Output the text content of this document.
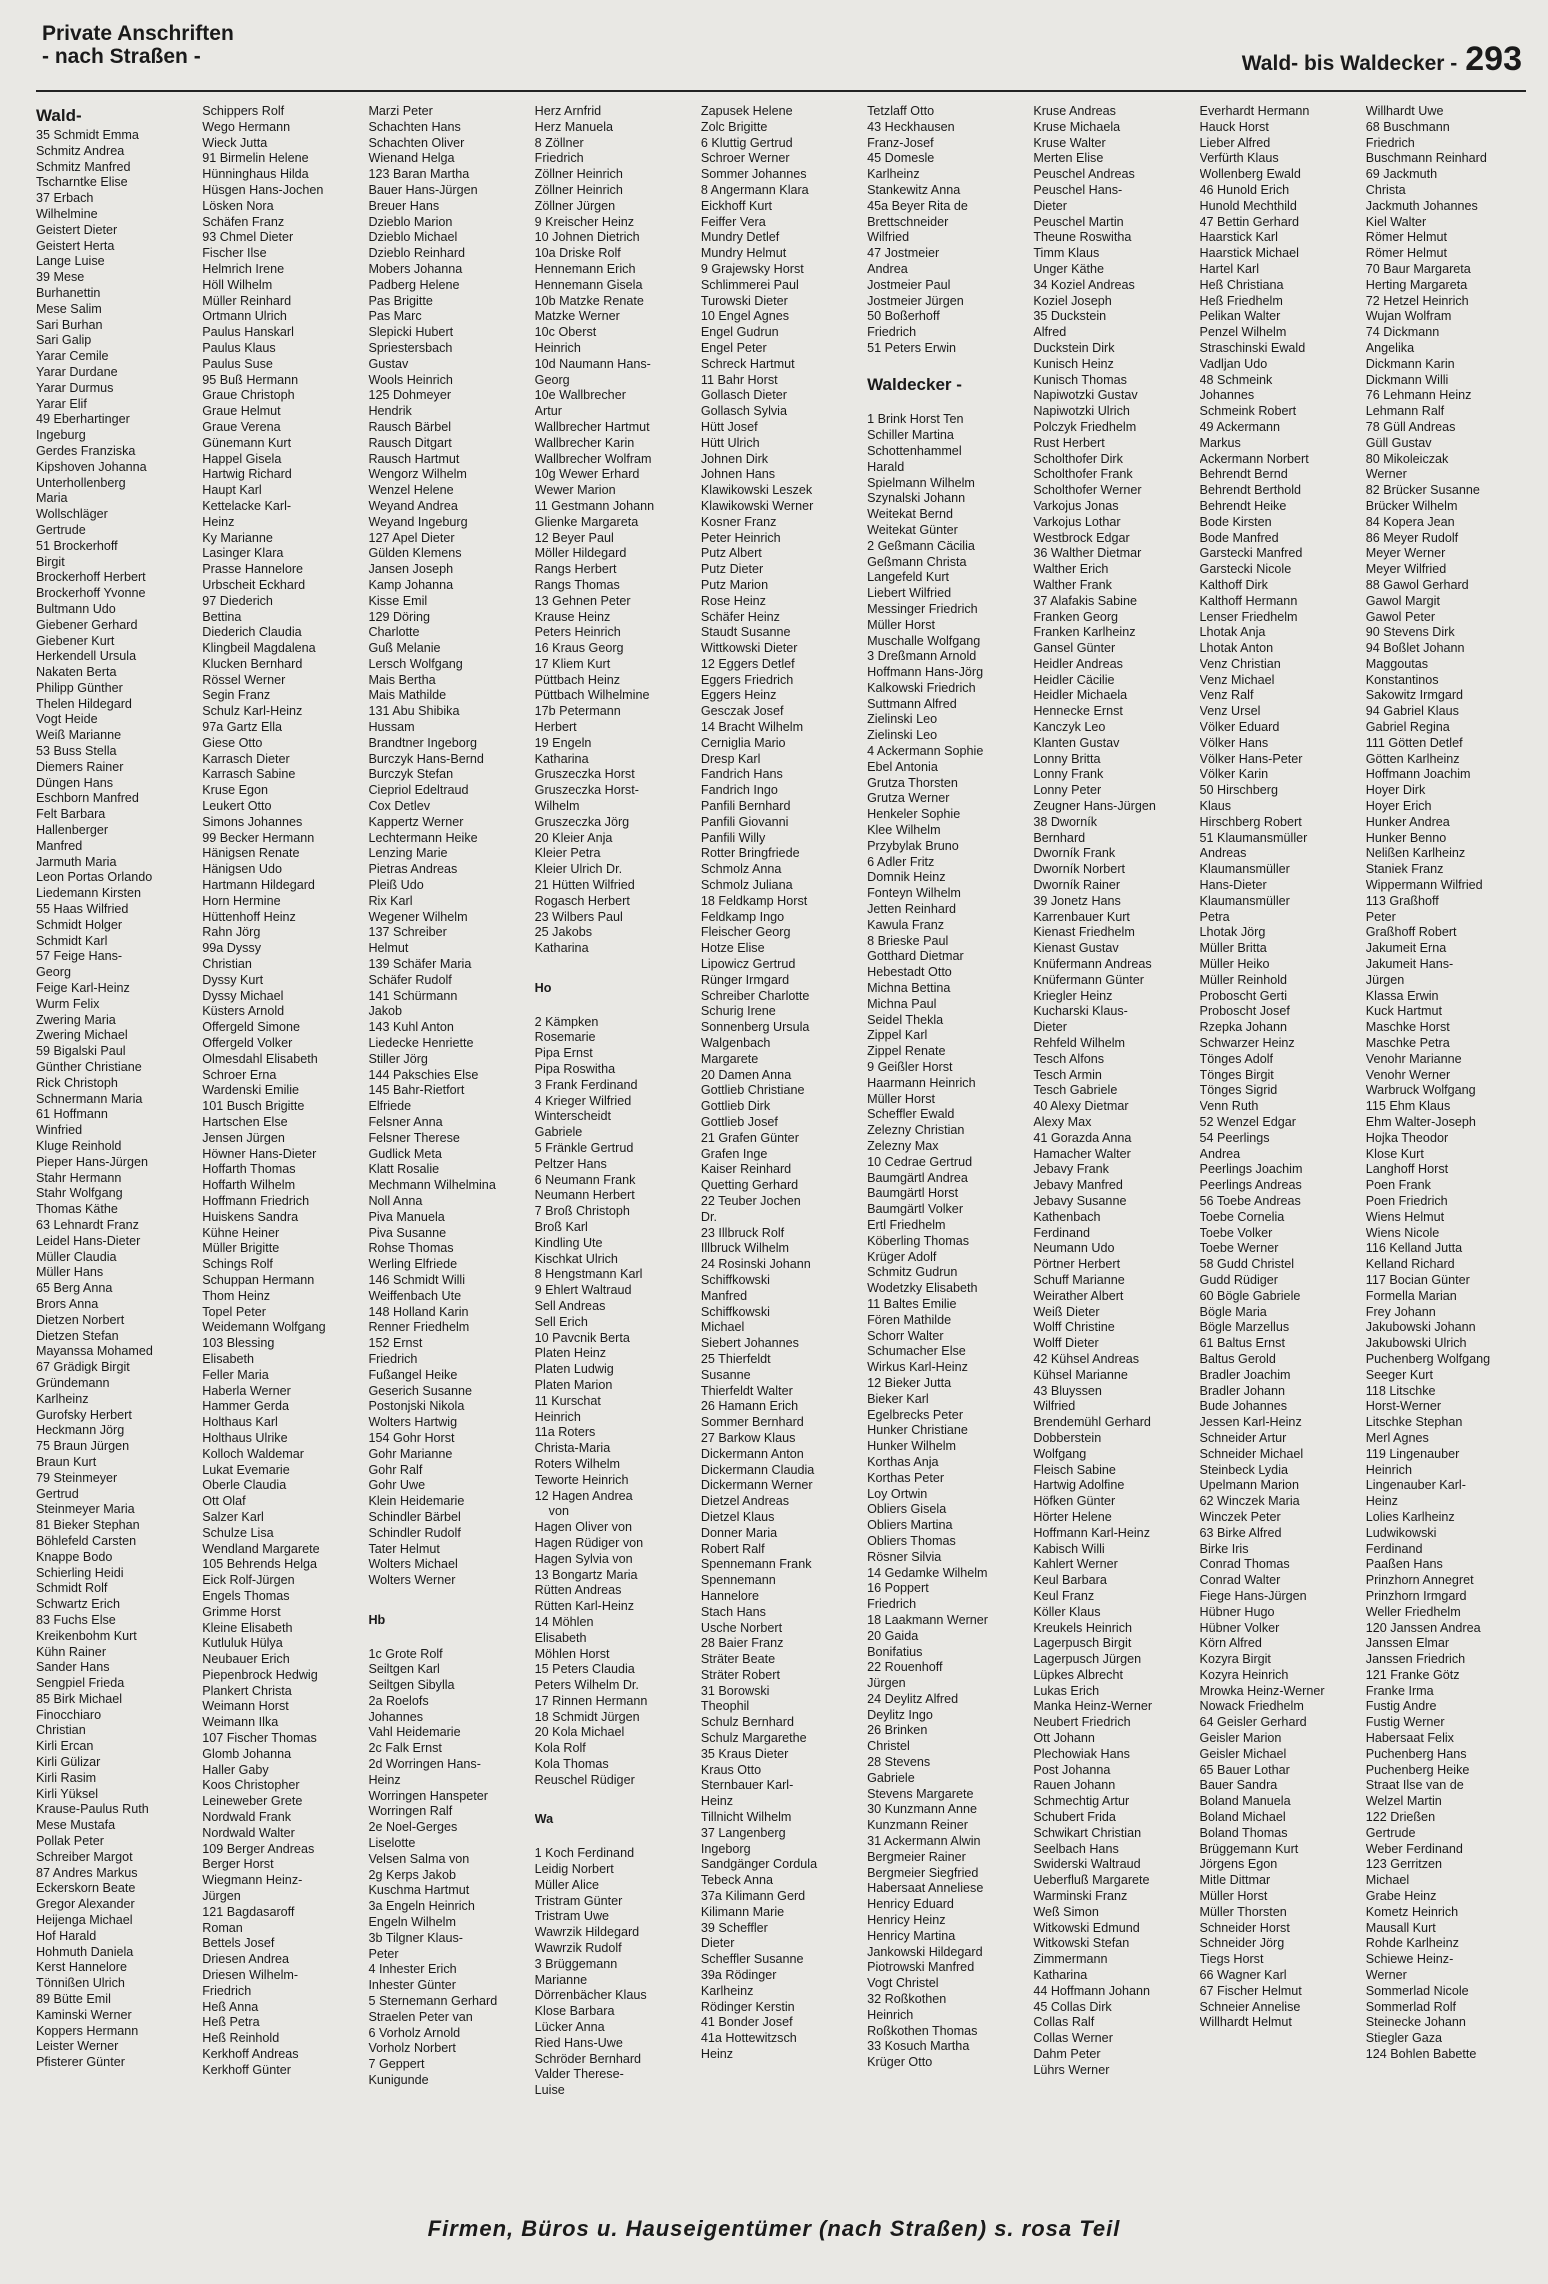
Private Anschriften
- nach Straßen -	Wald- bis Waldecker - 293
Wald-
35 Schmidt Emma
Schmitz Andrea
Schmitz Manfred
Tscharntke Elise
37 Erbach
Wilhelmine
Geistert Dieter
Geistert Herta
Lange Luise
39 Mese
Burhanettin
Mese Salim
Sari Burhan
Sari Galip
Yarar Cemile
Yarar Durdane
Yarar Durmus
Yarar Elif
49 Eberhartinger
Ingeburg
Gerdes Franziska
Kipshoven Johanna
Unterhollenberg
Maria
Wollschläger
Gertrude
51 Brockerhoff
Birgit
Brockerhoff Herbert
Brockerhoff Yvonne
Bultmann Udo
Giebener Gerhard
Giebener Kurt
Herkendell Ursula
Nakaten Berta
Philipp Günther
Thelen Hildegard
Vogt Heide
Weiß Marianne
53 Buss Stella
Diemers Rainer
Düngen Hans
Eschborn Manfred
Felt Barbara
Hallenberger
Manfred
Jarmuth Maria
Leon Portas Orlando
Liedemann Kirsten
55 Haas Wilfried
Schmidt Holger
Schmidt Karl
57 Feige Hans-
Georg
Feige Karl-Heinz
Wurm Felix
Zwering Maria
Zwering Michael
59 Bigalski Paul
Günther Christiane
Rick Christoph
Schnermann Maria
61 Hoffmann
Winfried
Kluge Reinhold
Pieper Hans-Jürgen
Stahr Hermann
Stahr Wolfgang
Thomas Käthe
63 Lehnardt Franz
Leidel Hans-Dieter
Müller Claudia
Müller Hans
65 Berg Anna
Brors Anna
Dietzen Norbert
Dietzen Stefan
Mayanssa Mohamed
67 Grädigk Birgit
Gründemann
Karlheinz
Gurofsky Herbert
Heckmann Jörg
75 Braun Jürgen
Braun Kurt
79 Steinmeyer
Gertrud
Steinmeyer Maria
81 Bieker Stephan
Böhlefeld Carsten
Knappe Bodo
Schierling Heidi
Schmidt Rolf
Schwartz Erich
83 Fuchs Else
Kreikenbohm Kurt
Kühn Rainer
Sander Hans
Sengpiel Frieda
85 Birk Michael
Finocchiaro
Christian
Kirli Ercan
Kirli Gülizar
Kirli Rasim
Kirli Yüksel
Krause-Paulus Ruth
Mese Mustafa
Pollak Peter
Schreiber Margot
87 Andres Markus
Eckerskorn Beate
Gregor Alexander
Heijenga Michael
Hof Harald
Hohmuth Daniela
Kerst Hannelore
Tönnißen Ulrich
89 Bütte Emil
Kaminski Werner
Koppers Hermann
Leister Werner
Pfisterer Günter
Schippers Rolf
Wego Hermann
Wieck Jutta
91 Birmelin Helene
Hünninghaus Hilda
Hüsgen Hans-Jochen
Lösken Nora
Schäfen Franz
93 Chmel Dieter
Fischer Ilse
Helmrich Irene
Höll Wilhelm
Müller Reinhard
Ortmann Ulrich
Paulus Hanskarl
Paulus Klaus
Paulus Suse
95 Buß Hermann
Graue Christoph
Graue Helmut
Graue Verena
Günemann Kurt
Happel Gisela
Hartwig Richard
Haupt Karl
Kettelacke Karl-
Heinz
Ky Marianne
Lasinger Klara
Prasse Hannelore
Urbscheit Eckhard
97 Diederich
Bettina
Diederich Claudia
Klingbeil Magdalena
Klucken Bernhard
Rössel Werner
Segin Franz
Schulz Karl-Heinz
97a Gartz Ella
Giese Otto
Karrasch Dieter
Karrasch Sabine
Kruse Egon
Leukert Otto
Simons Johannes
99 Becker Hermann
Hänigsen Renate
Hänigsen Udo
Hartmann Hildegard
Horn Hermine
Hüttenhoff Heinz
Rahn Jörg
99a Dyssy
Christian
Dyssy Kurt
Dyssy Michael
Küsters Arnold
Offergeld Simone
Offergeld Volker
Olmesdahl Elisabeth
Schroer Erna
Wardenski Emilie
101 Busch Brigitte
Hartschen Else
Jensen Jürgen
Höwner Hans-Dieter
Hoffarth Thomas
Hoffarth Wilhelm
Hoffmann Friedrich
Huiskens Sandra
Kühne Heiner
Müller Brigitte
Schings Rolf
Schuppan Hermann
Thom Heinz
Topel Peter
Weidemann Wolfgang
103 Blessing
Elisabeth
Feller Maria
Haberla Werner
Hammer Gerda
Holthaus Karl
Holthaus Ulrike
Kolloch Waldemar
Lukat Evemarie
Oberle Claudia
Ott Olaf
Salzer Karl
Schulze Lisa
Wendland Margarete
105 Behrends Helga
Eick Rolf-Jürgen
Engels Thomas
Grimme Horst
Kleine Elisabeth
Kutluluk Hülya
Neubauer Erich
Piepenbrock Hedwig
Plankert Christa
Weimann Horst
Weimann Ilka
107 Fischer Thomas
Glomb Johanna
Haller Gaby
Koos Christopher
Leineweber Grete
Nordwald Frank
Nordwald Walter
109 Berger Andreas
Berger Horst
Wiegmann Heinz-
Jürgen
121 Bagdasaroff
Roman
Bettels Josef
Driesen Andrea
Driesen Wilhelm-
Friedrich
Heß Anna
Heß Petra
Heß Reinhold
Kerkhoff Andreas
Kerkhoff Günter
Marzi Peter
Schachten Hans
Schachten Oliver
Wienand Helga
123 Baran Martha
Bauer Hans-Jürgen
Breuer Hans
Dzieblo Marion
Dzieblo Michael
Dzieblo Reinhard
Mobers Johanna
Padberg Helene
Pas Brigitte
Pas Marc
Slepicki Hubert
Spriestersbach
Gustav
Wools Heinrich
125 Dohmeyer
Hendrik
Rausch Bärbel
Rausch Ditgart
Rausch Hartmut
Wengorz Wilhelm
Wenzel Helene
Weyand Andrea
Weyand Ingeburg
127 Apel Dieter
Gülden Klemens
Jansen Joseph
Kamp Johanna
Kisse Emil
129 Döring
Charlotte
Guß Melanie
Lersch Wolfgang
Mais Bertha
Mais Mathilde
131 Abu Shibika
Hussam
Brandtner Ingeborg
Burczyk Hans-Bernd
Burczyk Stefan
Ciepriol Edeltraud
Cox Detlev
Kappertz Werner
Lechtermann Heike
Lenzing Marie
Pietras Andreas
Pleiß Udo
Rix Karl
Wegener Wilhelm
137 Schreiber
Helmut
139 Schäfer Maria
Schäfer Rudolf
141 Schürmann
Jakob
143 Kuhl Anton
Liedecke Henriette
Stiller Jörg
144 Pakschies Else
145 Bahr-Rietfort
Elfriede
Felsner Anna
Felsner Therese
Gudlick Meta
Klatt Rosalie
Mechmann Wilhelmina
Noll Anna
Piva Manuela
Piva Susanne
Rohse Thomas
Werling Elfriede
146 Schmidt Willi
Weiffenbach Ute
148 Holland Karin
Renner Friedhelm
152 Ernst
Friedrich
Fußangel Heike
Geserich Susanne
Postonjski Nikola
Wolters Hartwig
154 Gohr Horst
Gohr Marianne
Gohr Ralf
Gohr Uwe
Klein Heidemarie
Schindler Bärbel
Schindler Rudolf
Tater Helmut
Wolters Michael
Wolters Werner

Hb

1c Grote Rolf
Seiltgen Karl
Seiltgen Sibylla
2a Roelofs
Johannes
Vahl Heidemarie
2c Falk Ernst
2d Worringen Hans-
Heinz
Worringen Hanspeter
Worringen Ralf
2e Noel-Gerges
Liselotte
Velsen Salma von
2g Kerps Jakob
Kuschma Hartmut
3a Engeln Heinrich
Engeln Wilhelm
3b Tilgner Klaus-
Peter
4 Inhester Erich
Inhester Günter
5 Sternemann Gerhard
Straelen Peter van
6 Vorholz Arnold
Vorholz Norbert
7 Geppert
Kunigunde
Herz Arnfrid
Herz Manuela
8 Zöllner
Friedrich
Zöllner Heinrich
Zöllner Heinrich
Zöllner Jürgen
9 Kreischer Heinz
10 Johnen Dietrich
10a Driske Rolf
Hennemann Erich
Hennemann Gisela
10b Matzke Renate
Matzke Werner
10c Oberst
Heinrich
10d Naumann Hans-
Georg
10e Wallbrecher
Artur
Wallbrecher Hartmut
Wallbrecher Karin
Wallbrecher Wolfram
10g Wewer Erhard
Wewer Marion
11 Gestmann Johann
Glienke Margareta
12 Beyer Paul
Möller Hildegard
Rangs Herbert
Rangs Thomas
13 Gehnen Peter
Krause Heinz
Peters Heinrich
16 Kraus Georg
17 Kliem Kurt
Püttbach Heinz
Püttbach Wilhelmine
17b Petermann
Herbert
19 Engeln
Katharina
Gruszeczka Horst
Gruszeczka Horst-
Wilhelm
Gruszeczka Jörg
20 Kleier Anja
Kleier Petra
Kleier Ulrich Dr.
21 Hütten Wilfried
Rogasch Herbert
23 Wilbers Paul
25 Jakobs
Katharina

Ho

2 Kämpken
Rosemarie
Pipa Ernst
Pipa Roswitha
3 Frank Ferdinand
4 Krieger Wilfried
Winterscheidt
Gabriele
5 Fränkle Gertrud
Peltzer Hans
6 Neumann Frank
Neumann Herbert
7 Broß Christoph
Broß Karl
Kindling Ute
Kischkat Ulrich
8 Hengstmann Karl
9 Ehlert Waltraud
Sell Andreas
Sell Erich
10 Pavcnik Berta
Platen Heinz
Platen Ludwig
Platen Marion
11 Kurschat
Heinrich
11a Roters
Christa-Maria
Roters Wilhelm
Teworte Heinrich
12 Hagen Andrea
von
Hagen Oliver von
Hagen Rüdiger von
Hagen Sylvia von
13 Bongartz Maria
Rütten Andreas
Rütten Karl-Heinz
14 Möhlen
Elisabeth
Möhlen Horst
15 Peters Claudia
Peters Wilhelm Dr.
17 Rinnen Hermann
18 Schmidt Jürgen
20 Kola Michael
Kola Rolf
Kola Thomas
Reuschel Rüdiger

Wa

1 Koch Ferdinand
Leidig Norbert
Müller Alice
Tristram Günter
Tristram Uwe
Wawrzik Hildegard
Wawrzik Rudolf
3 Brüggemann
Marianne
Dörrenbächer Klaus
Klose Barbara
Lücker Anna
Ried Hans-Uwe
Schröder Bernhard
Valder Therese-
Luise
Zapusek Helene
Zolc Brigitte
6 Kluttig Gertrud
Schroer Werner
Sommer Johannes
8 Angermann Klara
Eickhoff Kurt
Feiffer Vera
Mundry Detlef
Mundry Helmut
9 Grajewsky Horst
Schlimmerei Paul
Turowski Dieter
10 Engel Agnes
Engel Gudrun
Engel Peter
Schreck Hartmut
11 Bahr Horst
Gollasch Dieter
Gollasch Sylvia
Hütt Josef
Hütt Ulrich
Johnen Dirk
Johnen Hans
Klawikowski Leszek
Klawikowski Werner
Kosner Franz
Peter Heinrich
Putz Albert
Putz Dieter
Putz Marion
Rose Heinz
Schäfer Heinz
Staudt Susanne
Wittkowski Dieter
12 Eggers Detlef
Eggers Friedrich
Eggers Heinz
Gesczak Josef
14 Bracht Wilhelm
Cerniglia Mario
Dresp Karl
Fandrich Hans
Fandrich Ingo
Panfili Bernhard
Panfili Giovanni
Panfili Willy
Rotter Bringfriede
Schmolz Anna
Schmolz Juliana
18 Feldkamp Horst
Feldkamp Ingo
Fleischer Georg
Hotze Elise
Lipowicz Gertrud
Rünger Irmgard
Schreiber Charlotte
Schurig Irene
Sonnenberg Ursula
Walgenbach
Margarete
20 Damen Anna
Gottlieb Christiane
Gottlieb Dirk
Gottlieb Josef
21 Grafen Günter
Grafen Inge
Kaiser Reinhard
Quetting Gerhard
22 Teuber Jochen
Dr.
23 Illbruck Rolf
Illbruck Wilhelm
24 Rosinski Johann
Schiffkowski
Manfred
Schiffkowski
Michael
Siebert Johannes
25 Thierfeldt
Susanne
Thierfeldt Walter
26 Hamann Erich
Sommer Bernhard
27 Barkow Klaus
Dickermann Anton
Dickermann Claudia
Dickermann Werner
Dietzel Andreas
Dietzel Klaus
Donner Maria
Robert Ralf
Spennemann Frank
Spennemann
Hannelore
Stach Hans
Usche Norbert
28 Baier Franz
Sträter Beate
Sträter Robert
31 Borowski
Theophil
Schulz Bernhard
Schulz Margarethe
35 Kraus Dieter
Kraus Otto
Sternbauer Karl-
Heinz
Tillnicht Wilhelm
37 Langenberg
Ingeborg
Sandgänger Cordula
Tebeck Anna
37a Kilimann Gerd
Kilimann Marie
39 Scheffler
Dieter
Scheffler Susanne
39a Rödinger
Karlheinz
Rödinger Kerstin
41 Bonder Josef
41a Hottewitzsch
Heinz
Tetzlaff Otto
43 Heckhausen
Franz-Josef
45 Domesle
Karlheinz
Stankewitz Anna
45a Beyer Rita de
Brettschneider
Wilfried
47 Jostmeier
Andrea
Jostmeier Paul
Jostmeier Jürgen
50 Boßerhoff
Friedrich
51 Peters Erwin

Waldecker -

1 Brink Horst Ten
Schiller Martina
Schottenhammel
Harald
Spielmann Wilhelm
Szynalski Johann
Weitekat Bernd
Weitekat Günter
2 Geßmann Cäcilia
Geßmann Christa
Langefeld Kurt
Liebert Wilfried
Messinger Friedrich
Müller Horst
Muschalle Wolfgang
3 Dreßmann Arnold
Hoffmann Hans-Jörg
Kalkowski Friedrich
Suttmann Alfred
Zielinski Leo
Zielinski Leo
4 Ackermann Sophie
Ebel Antonia
Grutza Thorsten
Grutza Werner
Henkeler Sophie
Klee Wilhelm
Przybylak Bruno
6 Adler Fritz
Domnik Heinz
Fonteyn Wilhelm
Jetten Reinhard
Kawula Franz
8 Brieske Paul
Gotthard Dietmar
Hebestadt Otto
Michna Bettina
Michna Paul
Seidel Thekla
Zippel Karl
Zippel Renate
9 Geißler Horst
Haarmann Heinrich
Müller Horst
Scheffler Ewald
Zeleznу Christian
Zeleznу Max
10 Cedrae Gertrud
Baumgärtl Andrea
Baumgärtl Horst
Baumgärtl Volker
Ertl Friedhelm
Köberling Thomas
Krüger Adolf
Schmitz Gudrun
Wodetzky Elisabeth
11 Baltes Emilie
Fören Mathilde
Schorr Walter
Schumacher Else
Wirkus Karl-Heinz
12 Bieker Jutta
Bieker Karl
Egelbrecks Peter
Hunker Christiane
Hunker Wilhelm
Korthas Anja
Korthas Peter
Loy Ortwin
Obliers Gisela
Obliers Martina
Obliers Thomas
Rösner Silvia
14 Gedamke Wilhelm
16 Poppert
Friedrich
18 Laakmann Werner
20 Gaida
Bonifatius
22 Rouenhoff
Jürgen
24 Deylitz Alfred
Deylitz Ingo
26 Brinken
Christel
28 Stevens
Gabriele
Stevens Margarete
30 Kunzmann Anne
Kunzmann Reiner
31 Ackermann Alwin
Bergmeier Rainer
Bergmeier Siegfried
Habersaat Anneliese
Henricy Eduard
Henricy Heinz
Henricy Martina
Jankowski Hildegard
Piotrowski Manfred
Vogt Christel
32 Roßkothen
Heinrich
Roßkothen Thomas
33 Kosuch Martha
Krüger Otto
Kruse Andreas
Kruse Michaela
Kruse Walter
Merten Elise
Peuschel Andreas
Peuschel Hans-
Dieter
Peuschel Martin
Theune Roswitha
Timm Klaus
Unger Käthe
34 Koziel Andreas
Koziel Joseph
35 Duckstein
Alfred
Duckstein Dirk
Kunisch Heinz
Kunisch Thomas
Napiwotzki Gustav
Napiwotzki Ulrich
Polczyk Friedhelm
Rust Herbert
Scholthofer Dirk
Scholthofer Frank
Scholthofer Werner
Varkojus Jonas
Varkojus Lothar
Westbrock Edgar
36 Walther Dietmar
Walther Erich
Walther Frank
37 Alafakis Sabine
Franken Georg
Franken Karlheinz
Gansel Günter
Heidler Andreas
Heidler Cäcilie
Heidler Michaela
Hennecke Ernst
Kanczyk Leo
Klanten Gustav
Lonny Britta
Lonny Frank
Lonny Peter
Zeugner Hans-Jürgen
38 Dworník
Bernhard
Dworník Frank
Dworník Norbert
Dworník Rainer
39 Jonetz Hans
Karrenbauer Kurt
Kienast Friedhelm
Kienast Gustav
Knüfermann Andreas
Knüfermann Günter
Kriegler Heinz
Kucharski Klaus-
Dieter
Rehfeld Wilhelm
Tesch Alfons
Tesch Armin
Tesch Gabriele
40 Alexy Dietmar
Alexy Max
41 Gorazda Anna
Hamacher Walter
Jebavy Frank
Jebavy Manfred
Jebavy Susanne
Kathenbach
Ferdinand
Neumann Udo
Pörtner Herbert
Schuff Marianne
Weirather Albert
Weiß Dieter
Wolff Christine
Wolff Dieter
42 Kühsel Andreas
Kühsel Marianne
43 Bluyssen
Wilfried
Brendemühl Gerhard
Dobberstein
Wolfgang
Fleisch Sabine
Hartwig Adolfine
Höfken Günter
Hörter Helene
Hoffmann Karl-Heinz
Kabisch Willi
Kahlert Werner
Keul Barbara
Keul Franz
Köller Klaus
Kreukels Heinrich
Lagerpusch Birgit
Lagerpusch Jürgen
Lüpkes Albrecht
Lukas Erich
Manka Heinz-Werner
Neubert Friedrich
Ott Johann
Plechowiak Hans
Post Johanna
Rauen Johann
Schmechtig Artur
Schubert Frida
Schwikart Christian
Seelbach Hans
Swiderski Waltraud
Ueberfluß Margarete
Warminski Franz
Weß Simon
Witkowski Edmund
Witkowski Stefan
Zimmermann
Katharina
44 Hoffmann Johann
45 Collas Dirk
Collas Ralf
Collas Werner
Dahm Peter
Lührs Werner
Everhardt Hermann
Hauck Horst
Lieber Alfred
Verfürth Klaus
Wollenberg Ewald
46 Hunold Erich
Hunold Mechthild
47 Bettin Gerhard
Haarstick Karl
Haarstick Michael
Hartel Karl
Heß Christiana
Heß Friedhelm
Pelikan Walter
Penzel Wilhelm
Straschinski Ewald
Vadljan Udo
48 Schmeink
Johannes
Schmeink Robert
49 Ackermann
Markus
Ackermann Norbert
Behrendt Bernd
Behrendt Berthold
Behrendt Heike
Bode Kirsten
Bode Manfred
Garstecki Manfred
Garstecki Nicole
Kalthoff Dirk
Kalthoff Hermann
Lenser Friedhelm
Lhotak Anja
Lhotak Anton
Venz Christian
Venz Michael
Venz Ralf
Venz Ursel
Völker Eduard
Völker Hans
Völker Hans-Peter
Völker Karin
50 Hirschberg
Klaus
Hirschberg Robert
51 Klaumansmüller
Andreas
Klaumansmüller
Hans-Dieter
Klaumansmüller
Petra
Lhotak Jörg
Müller Britta
Müller Heiko
Müller Reinhold
Proboscht Gerti
Proboscht Josef
Rzepka Johann
Schwarzer Heinz
Tönges Adolf
Tönges Birgit
Tönges Sigrid
Venn Ruth
52 Wenzel Edgar
54 Peerlings
Andrea
Peerlings Joachim
Peerlings Andreas
56 Toebe Andreas
Toebe Cornelia
Toebe Volker
Toebe Werner
58 Gudd Christel
Gudd Rüdiger
60 Bögle Gabriele
Bögle Maria
Bögle Marzellus
61 Baltus Ernst
Baltus Gerold
Bradler Joachim
Bradler Johann
Bude Johannes
Jessen Karl-Heinz
Schneider Artur
Schneider Michael
Steinbeck Lydia
Upelmann Marion
62 Winczek Maria
Winczek Peter
63 Birke Alfred
Birke Iris
Conrad Thomas
Conrad Walter
Fiege Hans-Jürgen
Hübner Hugo
Hübner Volker
Körn Alfred
Kozyra Birgit
Kozyra Heinrich
Mrowka Heinz-Werner
Nowack Friedhelm
64 Geisler Gerhard
Geisler Marion
Geisler Michael
65 Bauer Lothar
Bauer Sandra
Boland Manuela
Boland Michael
Boland Thomas
Brüggemann Kurt
Jörgens Egon
Mitle Dittmar
Müller Horst
Müller Thorsten
Schneider Horst
Schneider Jörg
Tiegs Horst
66 Wagner Karl
67 Fischer Helmut
Schneier Annelise
Willhardt Helmut
Willhardt Uwe
68 Buschmann
Friedrich
Buschmann Reinhard
69 Jackmuth
Christa
Jackmuth Johannes
Kiel Walter
Römer Helmut
Römer Helmut
70 Baur Margareta
Herting Margareta
72 Hetzel Heinrich
Wujan Wolfram
74 Dickmann
Angelika
Dickmann Karin
Dickmann Willi
76 Lehmann Heinz
Lehmann Ralf
78 Güll Andreas
Güll Gustav
80 Mikoleiczak
Werner
82 Brücker Susanne
Brücker Wilhelm
84 Kopera Jean
86 Meyer Rudolf
Meyer Werner
Meyer Wilfried
88 Gawol Gerhard
Gawol Margit
Gawol Peter
90 Stevens Dirk
94 Boßlet Johann
Maggoutas
Konstantinos
Sakowitz Irmgard
94 Gabriel Klaus
Gabriel Regina
111 Götten Detlef
Götten Karlheinz
Hoffmann Joachim
Hoyer Dirk
Hoyer Erich
Hunker Andrea
Hunker Benno
Nelißen Karlheinz
Staniek Franz
Wippermann Wilfried
113 Graßhoff
Peter
Graßhoff Robert
Jakumeit Erna
Jakumeit Hans-
Jürgen
Klassa Erwin
Kuck Hartmut
Maschke Horst
Maschke Petra
Venohr Marianne
Venohr Werner
Warbruck Wolfgang
115 Ehm Klaus
Ehm Walter-Joseph
Hojka Theodor
Klose Kurt
Langhoff Horst
Poen Frank
Poen Friedrich
Wiens Helmut
Wiens Nicole
116 Kelland Jutta
Kelland Richard
117 Bocian Günter
Formella Marian
Frey Johann
Jakubowski Johann
Jakubowski Ulrich
Puchenberg Wolfgang
Seeger Kurt
118 Litschke
Horst-Werner
Litschke Stephan
Merl Agnes
119 Lingenauber
Heinrich
Lingenauber Karl-
Heinz
Lolies Karlheinz
Ludwikowski
Ferdinand
Paaßen Hans
Prinzhorn Annegret
Prinzhorn Irmgard
Weller Friedhelm
120 Janssen Andrea
Janssen Elmar
Janssen Friedrich
121 Franke Götz
Franke Irma
Fustig Andre
Fustig Werner
Habersaat Felix
Puchenberg Hans
Puchenberg Heike
Straat Ilse van de
Welzel Martin
122 Drießen
Gertrude
Weber Ferdinand
123 Gerritzen
Michael
Grabe Heinz
Kometz Heinrich
Mausall Kurt
Rohde Karlheinz
Schiewe Heinz-
Werner
Sommerlad Nicole
Sommerlad Rolf
Steinecke Johann
Stiegler Gaza
124 Bohlen Babette
Firmen, Büros u. Hauseigentümer (nach Straßen) s. rosa Teil
